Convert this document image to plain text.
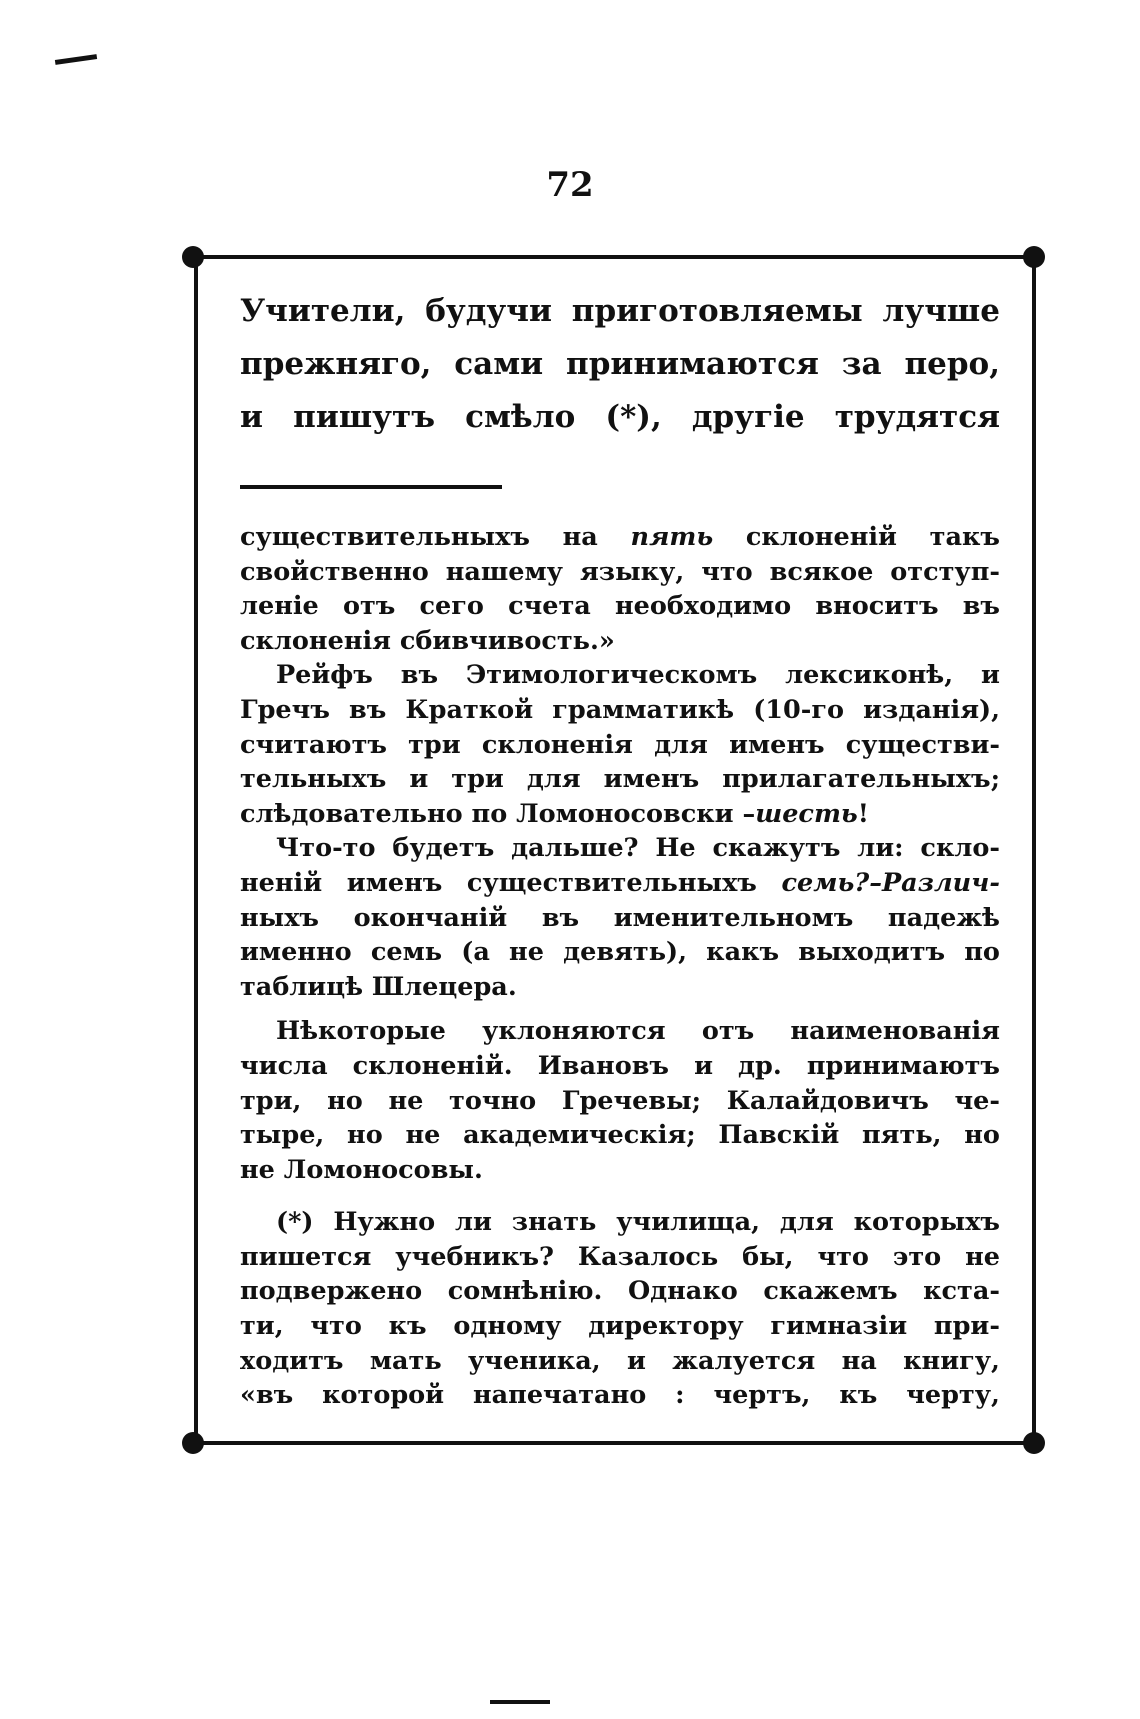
72
Учители, будучи приготовляемы лучше
прежняго, сами принимаются за перо,
и пишутъ смѣло (*), другіе трудятся
существительныхъ на пять склоненій такъ
свойственно нашему языку, что всякое отступ-
леніе отъ сего счета необходимо вноситъ въ
склоненія сбивчивость.»
Рейфъ въ Этимологическомъ лексиконѣ, и
Гречъ въ Краткой грамматикѣ (10-го изданія),
считаютъ три склоненія для именъ существи-
тельныхъ и три для именъ прилагательныхъ;
слѣдовательно по Ломоносовски – шесть !
Что-то будетъ дальше? Не скажутъ ли: скло-
неній именъ существительныхъ семь?–Различ-
ныхъ окончаній въ именительномъ падежѣ
именно семь (а не девять), какъ выходитъ по
таблицѣ Шлецера.
Нѣкоторые уклоняются отъ наименованія
числа склоненій. Ивановъ и др. принимаютъ
три, но не точно Гречевы; Калайдовичъ че-
тыре, но не академическія; Павскій пять, но
не Ломоносовы.
(*) Нужно ли знать училища, для которыхъ
пишется учебникъ? Казалось бы, что это не
подвержено сомнѣнію. Однако скажемъ кста-
ти, что къ одному директору гимназіи при-
ходитъ мать ученика, и жалуется на книгу,
«въ которой напечатано : чертъ, къ черту,
